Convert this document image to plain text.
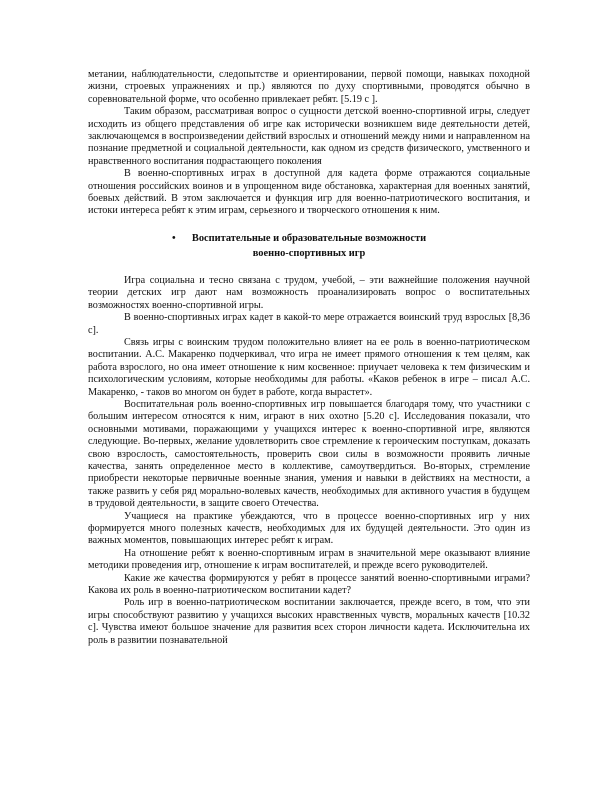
метании, наблюдательности, следопытстве и ориентировании, первой помощи, навыках походной жизни, строевых упражнениях и пр.) являются по духу спортивными, проводятся обычно в соревновательной форме, что особенно привлекает ребят. [5.19 с ].

Таким образом, рассматривая вопрос о сущности детской военно-спортивной игры, следует исходить из общего представления об игре как исторически возникшем виде деятельности детей, заключающемся в воспроизведении действий взрослых и отношений между ними и направленном на познание предметной и социальной деятельности, как одном из средств физического, умственного и нравственного воспитания подрастающего поколения

В военно-спортивных играх в доступной для кадета форме отражаются социальные отношения российских воинов и в упрощенном виде обстановка, характерная для военных занятий, боевых действий. В этом заключается и функция игр для военно-патриотического воспитания, и истоки интереса ребят к этим играм, серьезного и творческого отношения к ним.

•	Воспитательные и образовательные возможности
военно-спортивных игр

Игра социальна и тесно связана с трудом, учебой, – эти важнейшие положения научной теории детских игр дают нам возможность проанализировать вопрос о воспитательных возможностях военно-спортивной игры.

В военно-спортивных играх кадет в какой-то мере отражается воинский труд взрослых [8,36 с].

Связь игры с воинским трудом положительно влияет на ее роль в военно-патриотическом воспитании. А.С. Макаренко подчеркивал, что игра не имеет прямого отношения к тем целям, как работа взрослого, но она имеет отношение к ним косвенное: приучает человека к тем физическим и психологическим условиям, которые необходимы для работы. «Каков ребенок в игре – писал А.С. Макаренко, - таков во многом он будет в работе, когда вырастет».

Воспитательная роль военно-спортивных игр повышается благодаря тому, что участники с большим интересом относятся к ним, играют в них охотно [5.20 с]. Исследования показали, что основными мотивами, поражающими у учащихся интерес к военно-спортивной игре, являются следующие. Во-первых, желание удовлетворить свое стремление к героическим поступкам, доказать свою взрослость, самостоятельность, проверить свои силы в возможности проявить личные качества, занять определенное место в коллективе, самоутвердиться. Во-вторых, стремление приобрести некоторые первичные военные знания, умения и навыки в действиях на местности, а также развить у себя ряд морально-волевых качеств, необходимых для активного участия в будущем в трудовой деятельности, в защите своего Отечества.

Учащиеся на практике убеждаются, что в процессе военно-спортивных игр у них формируется много полезных качеств, необходимых для их будущей деятельности. Это один из важных моментов, повышающих интерес ребят к играм.

На отношение ребят к военно-спортивным играм в значительной мере оказывают влияние методики проведения игр, отношение к играм воспитателей, и прежде всего руководителей.

Какие же качества формируются у ребят в процессе занятий военно-спортивными играми? Какова их роль в военно-патриотическом воспитании кадет?

Роль игр в военно-патриотическом воспитании заключается, прежде всего, в том, что эти игры способствуют развитию у учащихся высоких нравственных чувств, моральных качеств [10.32 с]. Чувства имеют большое значение для развития всех сторон личности кадета. Исключительна их роль в развитии познавательной
